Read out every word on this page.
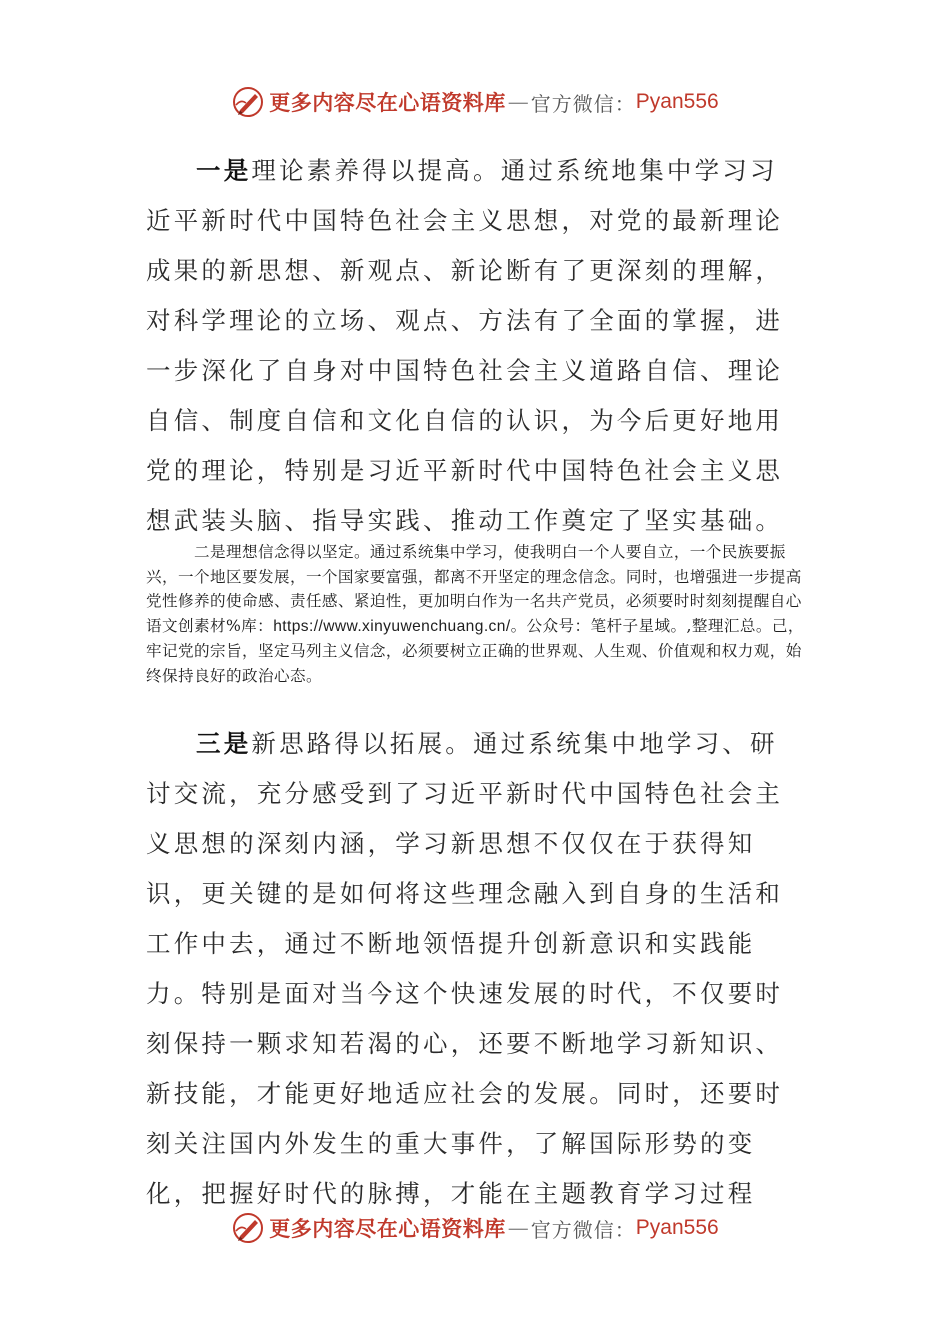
更多内容尽在心语资料库 — 官方微信： Pyan556

一是理论素养得以提高。通过系统地集中学习习近平新时代中国特色社会主义思想，对党的最新理论成果的新思想、新观点、新论断有了更深刻的理解，对科学理论的立场、观点、方法有了全面的掌握，进一步深化了自身对中国特色社会主义道路自信、理论自信、制度自信和文化自信的认识，为今后更好地用党的理论，特别是习近平新时代中国特色社会主义思想武装头脑、指导实践、推动工作奠定了坚实基础。

二是理想信念得以坚定。通过系统集中学习，使我明白一个人要自立，一个民族要振兴，一个地区要发展，一个国家要富强，都离不开坚定的理念信念。同时，也增强进一步提高党性修养的使命感、责任感、紧迫性，更加明白作为一名共产党员，必须要时时刻刻提醒自心语文创素材%库：https://www.xinyuwenchuang.cn/。公众号：笔杆子星域。,整理汇总。己，牢记党的宗旨，坚定马列主义信念，必须要树立正确的世界观、人生观、价值观和权力观，始终保持良好的政治心态。

三是新思路得以拓展。通过系统集中地学习、研讨交流，充分感受到了习近平新时代中国特色社会主义思想的深刻内涵，学习新思想不仅仅在于获得知识，更关键的是如何将这些理念融入到自身的生活和工作中去，通过不断地领悟提升创新意识和实践能力。特别是面对当今这个快速发展的时代，不仅要时刻保持一颗求知若渴的心，还要不断地学习新知识、新技能，才能更好地适应社会的发展。同时，还要时刻关注国内外发生的重大事件，了解国际形势的变化，把握好时代的脉搏，才能在主题教育学习过程

更多内容尽在心语资料库 — 官方微信： Pyan556
